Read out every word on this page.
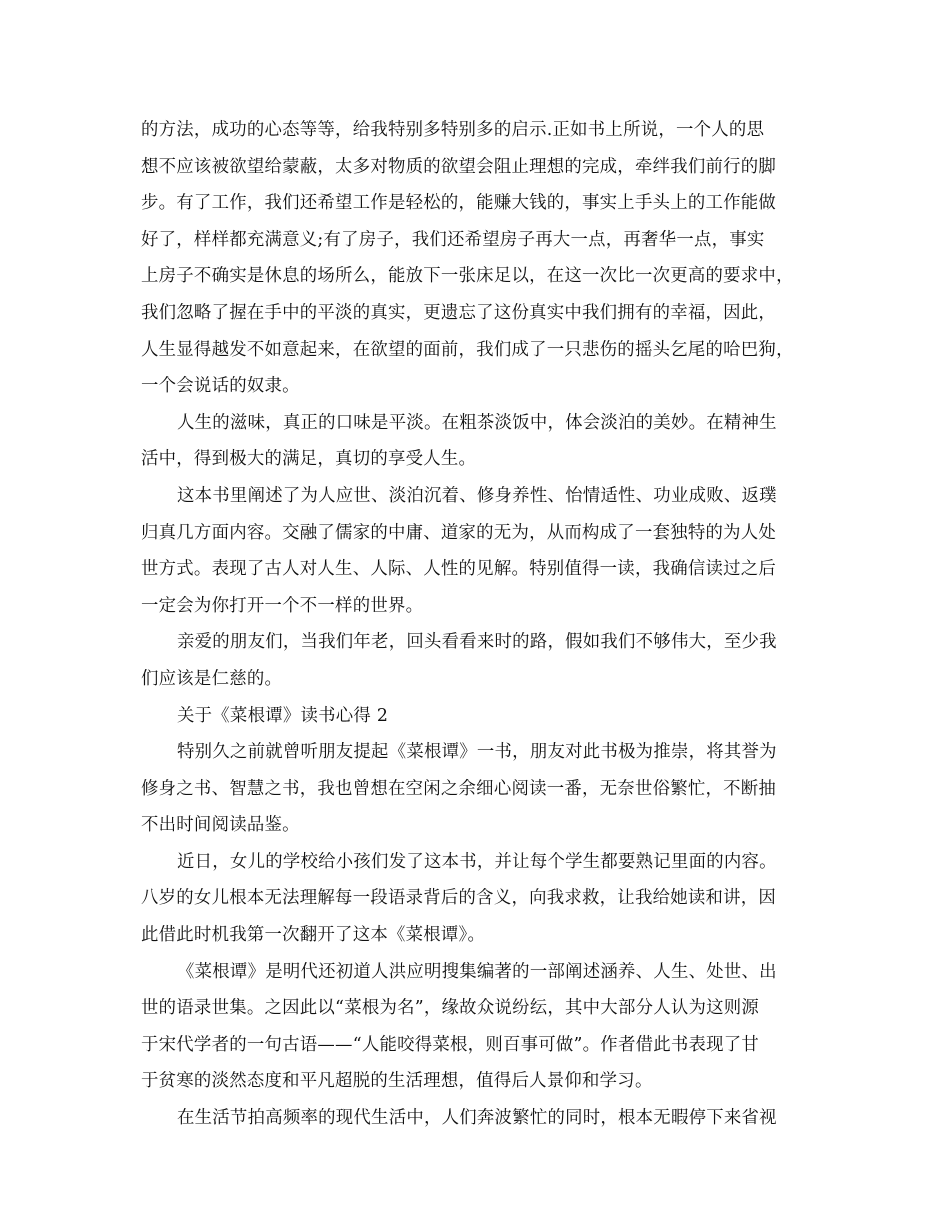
的方法，成功的心态等等，给我特别多特别多的启示.正如书上所说，一个人的思
想不应该被欲望给蒙蔽，太多对物质的欲望会阻止理想的完成，牵绊我们前行的脚
步。有了工作，我们还希望工作是轻松的，能赚大钱的，事实上手头上的工作能做
好了，样样都充满意义;有了房子，我们还希望房子再大一点，再奢华一点，事实
上房子不确实是休息的场所么，能放下一张床足以，在这一次比一次更高的要求中，
我们忽略了握在手中的平淡的真实，更遗忘了这份真实中我们拥有的幸福，因此，
人生显得越发不如意起来，在欲望的面前，我们成了一只悲伤的摇头乞尾的哈巴狗，
一个会说话的奴隶。
人生的滋味，真正的口味是平淡。在粗茶淡饭中，体会淡泊的美妙。在精神生
活中，得到极大的满足，真切的享受人生。
这本书里阐述了为人应世、淡泊沉着、修身养性、怡情适性、功业成败、返璞
归真几方面内容。交融了儒家的中庸、道家的无为，从而构成了一套独特的为人处
世方式。表现了古人对人生、人际、人性的见解。特别值得一读，我确信读过之后
一定会为你打开一个不一样的世界。
亲爱的朋友们，当我们年老，回头看看来时的路，假如我们不够伟大，至少我
们应该是仁慈的。
关于《菜根谭》读书心得 2
特别久之前就曾听朋友提起《菜根谭》一书，朋友对此书极为推崇，将其誉为
修身之书、智慧之书，我也曾想在空闲之余细心阅读一番，无奈世俗繁忙，不断抽
不出时间阅读品鉴。
近日，女儿的学校给小孩们发了这本书，并让每个学生都要熟记里面的内容。
八岁的女儿根本无法理解每一段语录背后的含义，向我求救，让我给她读和讲，因
此借此时机我第一次翻开了这本《菜根谭》。
《菜根谭》是明代还初道人洪应明搜集编著的一部阐述涵养、人生、处世、出
世的语录世集。之因此以“菜根为名”，缘故众说纷纭，其中大部分人认为这则源
于宋代学者的一句古语——“人能咬得菜根，则百事可做”。作者借此书表现了甘
于贫寒的淡然态度和平凡超脱的生活理想，值得后人景仰和学习。
在生活节拍高频率的现代生活中，人们奔波繁忙的同时，根本无暇停下来省视
